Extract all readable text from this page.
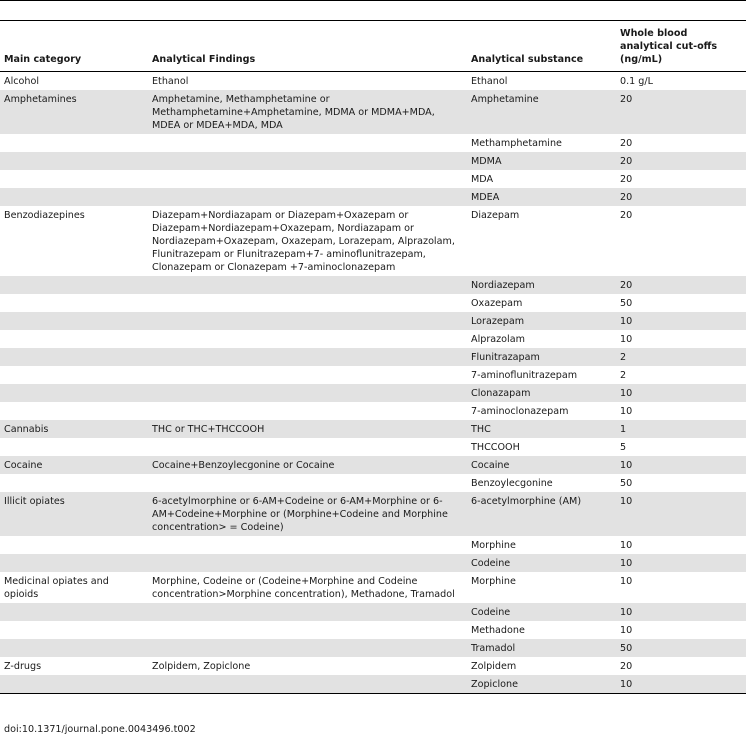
Main category	Analytical Findings	Analytical substance	Whole blood analytical cut-offs (ng/mL)
Alcohol	Ethanol	Ethanol	0.1 g/L
Amphetamines	Amphetamine, Methamphetamine or Methamphetamine+Amphetamine, MDMA or MDMA+MDA, MDEA or MDEA+MDA, MDA	Amphetamine	20
		Methamphetamine	20
		MDMA	20
		MDA	20
		MDEA	20
Benzodiazepines	Diazepam+Nordiazapam or Diazepam+Oxazepam or Diazepam+Nordiazepam+Oxazepam, Nordiazapam or Nordiazepam+Oxazepam, Oxazepam, Lorazepam, Alprazolam, Flunitrazepam or Flunitrazepam+7- aminoflunitrazepam, Clonazepam or Clonazepam +7-aminoclonazepam	Diazepam	20
		Nordiazepam	20
		Oxazepam	50
		Lorazepam	10
		Alprazolam	10
		Flunitrazapam	2
		7-aminoflunitrazepam	2
		Clonazapam	10
		7-aminoclonazepam	10
Cannabis	THC or THC+THCCOOH	THC	1
		THCCOOH	5
Cocaine	Cocaine+Benzoylecgonine or Cocaine	Cocaine	10
		Benzoylecgonine	50
Illicit opiates	6-acetylmorphine or 6-AM+Codeine or 6-AM+Morphine or 6-AM+Codeine+Morphine or (Morphine+Codeine and Morphine concentration> = Codeine)	6-acetylmorphine (AM)	10
		Morphine	10
		Codeine	10
Medicinal opiates and opioids	Morphine, Codeine or (Codeine+Morphine and Codeine concentration>Morphine concentration), Methadone, Tramadol	Morphine	10
		Codeine	10
		Methadone	10
		Tramadol	50
Z-drugs	Zolpidem, Zopiclone	Zolpidem	20
		Zopiclone	10
doi:10.1371/journal.pone.0043496.t002
